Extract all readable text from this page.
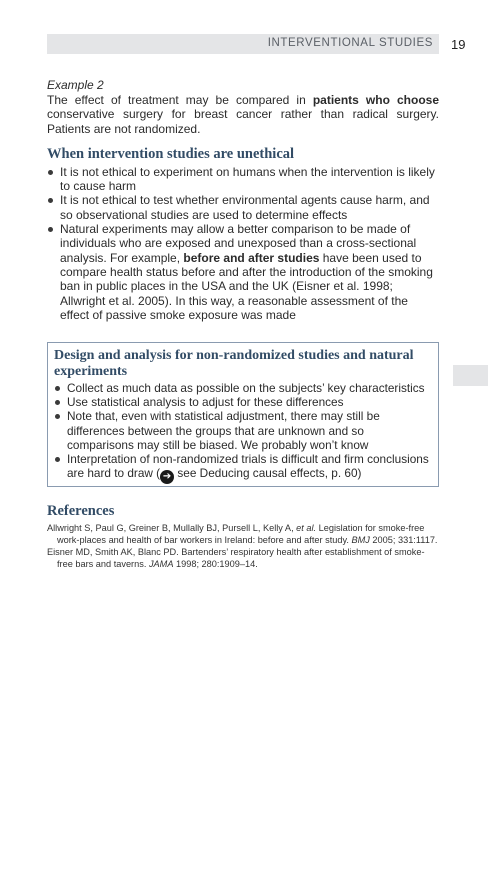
INTERVENTIONAL STUDIES 19

Example 2

The effect of treatment may be compared in patients who choose conservative surgery for breast cancer rather than radical surgery. Patients are not randomized.

When intervention studies are unethical
It is not ethical to experiment on humans when the intervention is likely to cause harm
It is not ethical to test whether environmental agents cause harm, and so observational studies are used to determine effects
Natural experiments may allow a better comparison to be made of individuals who are exposed and unexposed than a cross-sectional analysis. For example, before and after studies have been used to compare health status before and after the introduction of the smoking ban in public places in the USA and the UK (Eisner et al. 1998; Allwright et al. 2005). In this way, a reasonable assessment of the effect of passive smoke exposure was made
Design and analysis for non-randomized studies and natural experiments
Collect as much data as possible on the subjects’ key characteristics
Use statistical analysis to adjust for these differences
Note that, even with statistical adjustment, there may still be differences between the groups that are unknown and so comparisons may still be biased. We probably won’t know
Interpretation of non-randomized trials is difficult and firm conclusions are hard to draw ( ➔ see Deducing causal effects, p. 60)
References

Allwright S, Paul G, Greiner B, Mullally BJ, Pursell L, Kelly A, et al. Legislation for smoke-free work-places and health of bar workers in Ireland: before and after study. BMJ 2005; 331:1117.

Eisner MD, Smith AK, Blanc PD. Bartenders’ respiratory health after establishment of smoke-free bars and taverns. JAMA 1998; 280:1909–14.
